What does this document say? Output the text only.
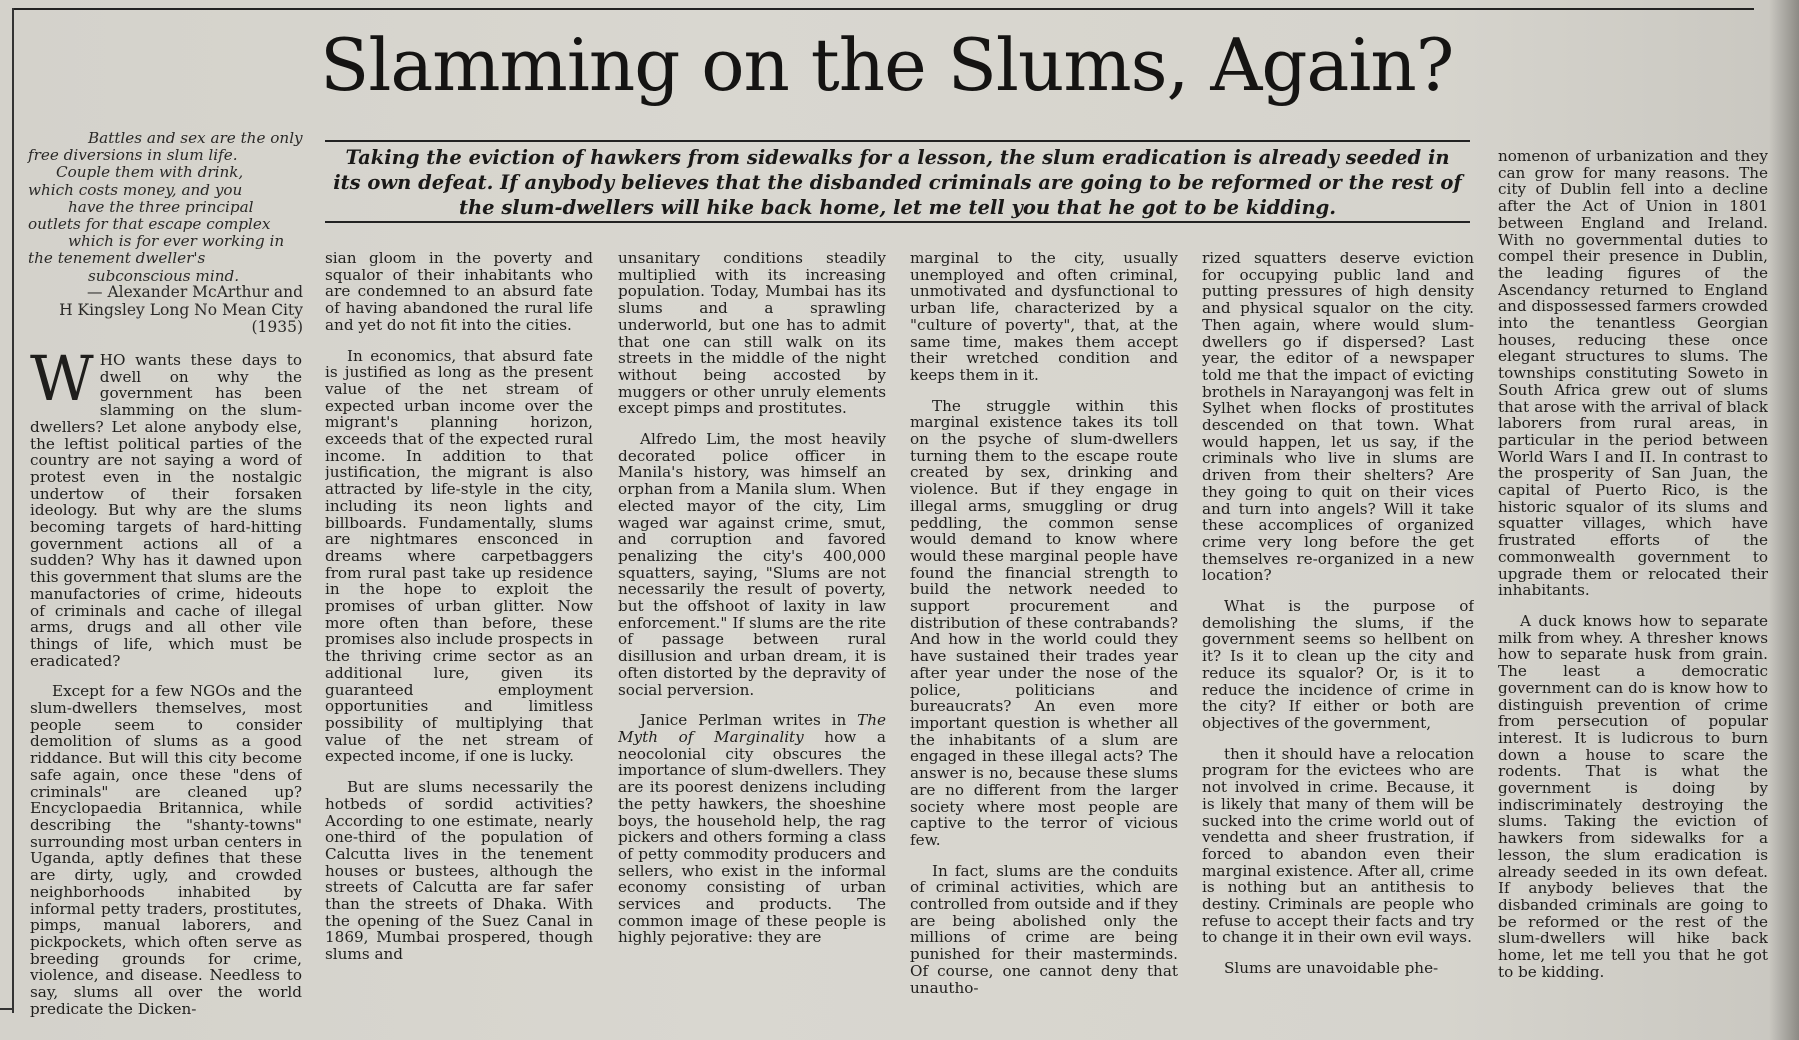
Slamming on the Slums, Again?
Taking the eviction of hawkers from sidewalks for a lesson, the slum eradication is already seeded in its own defeat. If anybody believes that the disbanded criminals are going to be reformed or the rest of the slum-dwellers will hike back home, let me tell you that he got to be kidding.
Battles and sex are the only
free diversions in slum life.
Couple them with drink,
which costs money, and you
have the three principal
outlets for that escape complex
which is for ever working in
the tenement dweller's
subconscious mind.
— Alexander McArthur and
H Kingsley Long No Mean City
(1935)

WHO wants these days to dwell on why the government has been slamming on the slum-dwellers? Let alone anybody else, the leftist political parties of the country are not saying a word of protest even in the nostalgic undertow of their forsaken ideology. But why are the slums becoming targets of hard-hitting government actions all of a sudden? Why has it dawned upon this government that slums are the manufactories of crime, hideouts of criminals and cache of illegal arms, drugs and all other vile things of life, which must be eradicated?

Except for a few NGOs and the slum-dwellers themselves, most people seem to consider demolition of slums as a good riddance. But will this city become safe again, once these "dens of criminals" are cleaned up? Encyclopaedia Britannica, while describing the "shanty-towns" surrounding most urban centers in Uganda, aptly defines that these are dirty, ugly, and crowded neighborhoods inhabited by informal petty traders, prostitutes, pimps, manual laborers, and pickpockets, which often serve as breeding grounds for crime, violence, and disease. Needless to say, slums all over the world predicate the Dicken-

sian gloom in the poverty and squalor of their inhabitants who are condemned to an absurd fate of having abandoned the rural life and yet do not fit into the cities.

In economics, that absurd fate is justified as long as the present value of the net stream of expected urban income over the migrant's planning horizon, exceeds that of the expected rural income. In addition to that justification, the migrant is also attracted by life-style in the city, including its neon lights and billboards. Fundamentally, slums are nightmares ensconced in dreams where carpetbaggers from rural past take up residence in the hope to exploit the promises of urban glitter. Now more often than before, these promises also include prospects in the thriving crime sector as an additional lure, given its guaranteed employment opportunities and limitless possibility of multiplying that value of the net stream of expected income, if one is lucky.

But are slums necessarily the hotbeds of sordid activities? According to one estimate, nearly one-third of the population of Calcutta lives in the tenement houses or bustees, although the streets of Calcutta are far safer than the streets of Dhaka. With the opening of the Suez Canal in 1869, Mumbai prospered, though slums and

unsanitary conditions steadily multiplied with its increasing population. Today, Mumbai has its slums and a sprawling underworld, but one has to admit that one can still walk on its streets in the middle of the night without being accosted by muggers or other unruly elements except pimps and prostitutes.

Alfredo Lim, the most heavily decorated police officer in Manila's history, was himself an orphan from a Manila slum. When elected mayor of the city, Lim waged war against crime, smut, and corruption and favored penalizing the city's 400,000 squatters, saying, "Slums are not necessarily the result of poverty, but the offshoot of laxity in law enforcement." If slums are the rite of passage between rural disillusion and urban dream, it is often distorted by the depravity of social perversion.

Janice Perlman writes in The Myth of Marginality how a neocolonial city obscures the importance of slum-dwellers. They are its poorest denizens including the petty hawkers, the shoeshine boys, the household help, the rag pickers and others forming a class of petty commodity producers and sellers, who exist in the informal economy consisting of urban services and products. The common image of these people is highly pejorative: they are

marginal to the city, usually unemployed and often criminal, unmotivated and dysfunctional to urban life, characterized by a "culture of poverty", that, at the same time, makes them accept their wretched condition and keeps them in it.

The struggle within this marginal existence takes its toll on the psyche of slum-dwellers turning them to the escape route created by sex, drinking and violence. But if they engage in illegal arms, smuggling or drug peddling, the common sense would demand to know where would these marginal people have found the financial strength to build the network needed to support procurement and distribution of these contrabands? And how in the world could they have sustained their trades year after year under the nose of the police, politicians and bureaucrats? An even more important question is whether all the inhabitants of a slum are engaged in these illegal acts? The answer is no, because these slums are no different from the larger society where most people are captive to the terror of vicious few.

In fact, slums are the conduits of criminal activities, which are controlled from outside and if they are being abolished only the millions of crime are being punished for their masterminds. Of course, one cannot deny that unautho-

rized squatters deserve eviction for occupying public land and putting pressures of high density and physical squalor on the city. Then again, where would slum-dwellers go if dispersed? Last year, the editor of a newspaper told me that the impact of evicting brothels in Narayangonj was felt in Sylhet when flocks of prostitutes descended on that town. What would happen, let us say, if the criminals who live in slums are driven from their shelters? Are they going to quit on their vices and turn into angels? Will it take these accomplices of organized crime very long before the get themselves re-organized in a new location?

What is the purpose of demolishing the slums, if the government seems so hellbent on it? Is it to clean up the city and reduce its squalor? Or, is it to reduce the incidence of crime in the city? If either or both are objectives of the government,

then it should have a relocation program for the evictees who are not involved in crime. Because, it is likely that many of them will be sucked into the crime world out of vendetta and sheer frustration, if forced to abandon even their marginal existence. After all, crime is nothing but an antithesis to destiny. Criminals are people who refuse to accept their facts and try to change it in their own evil ways.

Slums are unavoidable phe-

nomenon of urbanization and they can grow for many reasons. The city of Dublin fell into a decline after the Act of Union in 1801 between England and Ireland. With no governmental duties to compel their presence in Dublin, the leading figures of the Ascendancy returned to England and dispossessed farmers crowded into the tenantless Georgian houses, reducing these once elegant structures to slums. The townships constituting Soweto in South Africa grew out of slums that arose with the arrival of black laborers from rural areas, in particular in the period between World Wars I and II. In contrast to the prosperity of San Juan, the capital of Puerto Rico, is the historic squalor of its slums and squatter villages, which have frustrated efforts of the commonwealth government to upgrade them or relocated their inhabitants.

A duck knows how to separate milk from whey. A thresher knows how to separate husk from grain. The least a democratic government can do is know how to distinguish prevention of crime from persecution of popular interest. It is ludicrous to burn down a house to scare the rodents. That is what the government is doing by indiscriminately destroying the slums. Taking the eviction of hawkers from sidewalks for a lesson, the slum eradication is already seeded in its own defeat. If anybody believes that the disbanded criminals are going to be reformed or the rest of the slum-dwellers will hike back home, let me tell you that he got to be kidding.
